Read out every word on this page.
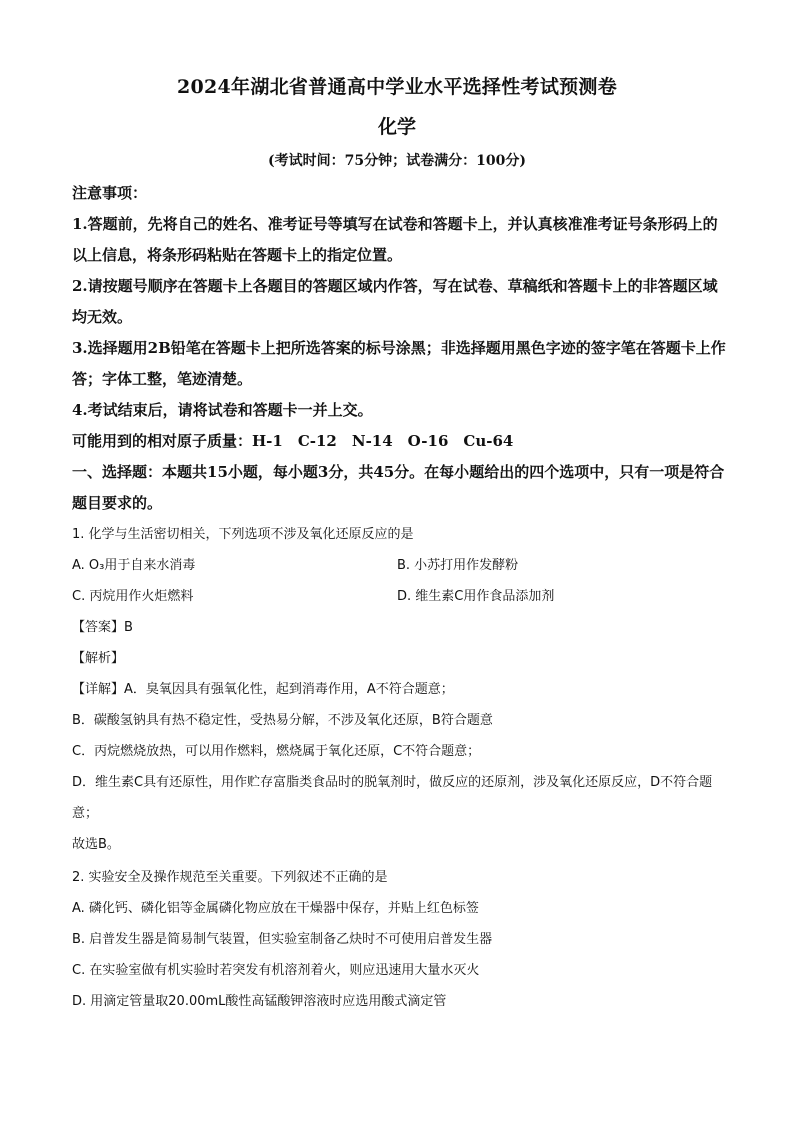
2024年湖北省普通高中学业水平选择性考试预测卷
化学
(考试时间：75分钟；试卷满分：100分)

注意事项：

1.答题前，先将自己的姓名、准考证号等填写在试卷和答题卡上，并认真核准准考证号条形码上的以上信息，将条形码粘贴在答题卡上的指定位置。

2.请按题号顺序在答题卡上各题目的答题区域内作答，写在试卷、草稿纸和答题卡上的非答题区域均无效。

3.选择题用2B铅笔在答题卡上把所选答案的标号涂黑；非选择题用黑色字迹的签字笔在答题卡上作答；字体工整，笔迹清楚。

4.考试结束后，请将试卷和答题卡一并上交。

可能用到的相对原子质量：H-1　C-12　N-14　O-16　Cu-64

一、选择题：本题共15小题，每小题3分，共45分。在每小题给出的四个选项中，只有一项是符合题目要求的。

1. 化学与生活密切相关，下列选项不涉及氧化还原反应的是

A. O₃用于自来水消毒	B. 小苏打用作发酵粉
C. 丙烷用作火炬燃料	D. 维生素C用作食品添加剂

【答案】B

【解析】

【详解】A．臭氧因具有强氧化性，起到消毒作用，A不符合题意；

B．碳酸氢钠具有热不稳定性，受热易分解，不涉及氧化还原，B符合题意

C．丙烷燃烧放热，可以用作燃料，燃烧属于氧化还原，C不符合题意；

D．维生素C具有还原性，用作贮存富脂类食品时的脱氧剂时，做反应的还原剂，涉及氧化还原反应，D不符合题意；

故选B。

2. 实验安全及操作规范至关重要。下列叙述不正确的是

A. 磷化钙、磷化铝等金属磷化物应放在干燥器中保存，并贴上红色标签
B. 启普发生器是简易制气装置，但实验室制备乙炔时不可使用启普发生器
C. 在实验室做有机实验时若突发有机溶剂着火，则应迅速用大量水灭火
D. 用滴定管量取20.00mL酸性高锰酸钾溶液时应选用酸式滴定管
